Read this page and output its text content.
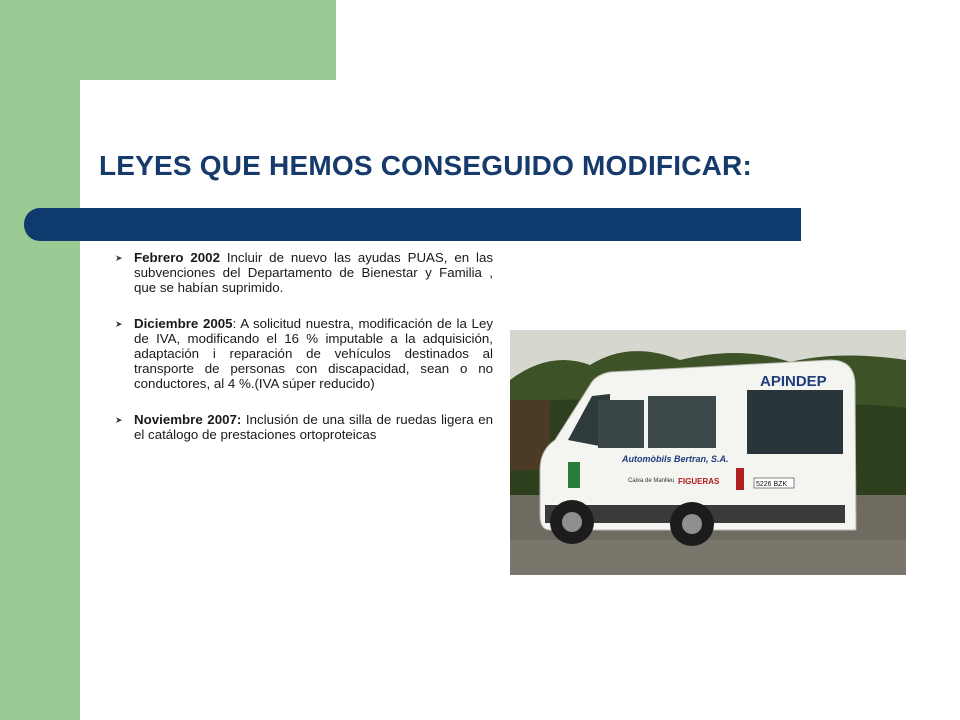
LEYES QUE HEMOS CONSEGUIDO MODIFICAR:
➤ Febrero 2002 Incluir de nuevo las ayudas PUAS, en las subvenciones del Departamento de Bienestar y Familia , que se habían suprimido.
➤ Diciembre 2005: A solicitud nuestra, modificación de la Ley de IVA, modificando el 16 % imputable a la adquisición, adaptación i reparación de vehículos destinados al transporte de personas con discapacidad, sean o no conductores, al 4 %.(IVA súper reducido)
➤ Noviembre 2007: Inclusión de una silla de ruedas ligera en el catálogo de prestaciones ortoproteicas
APINDEP
Automòbils Bertran, S.A.
Caixa de Manlleu FIGUERAS	5226 BZK
